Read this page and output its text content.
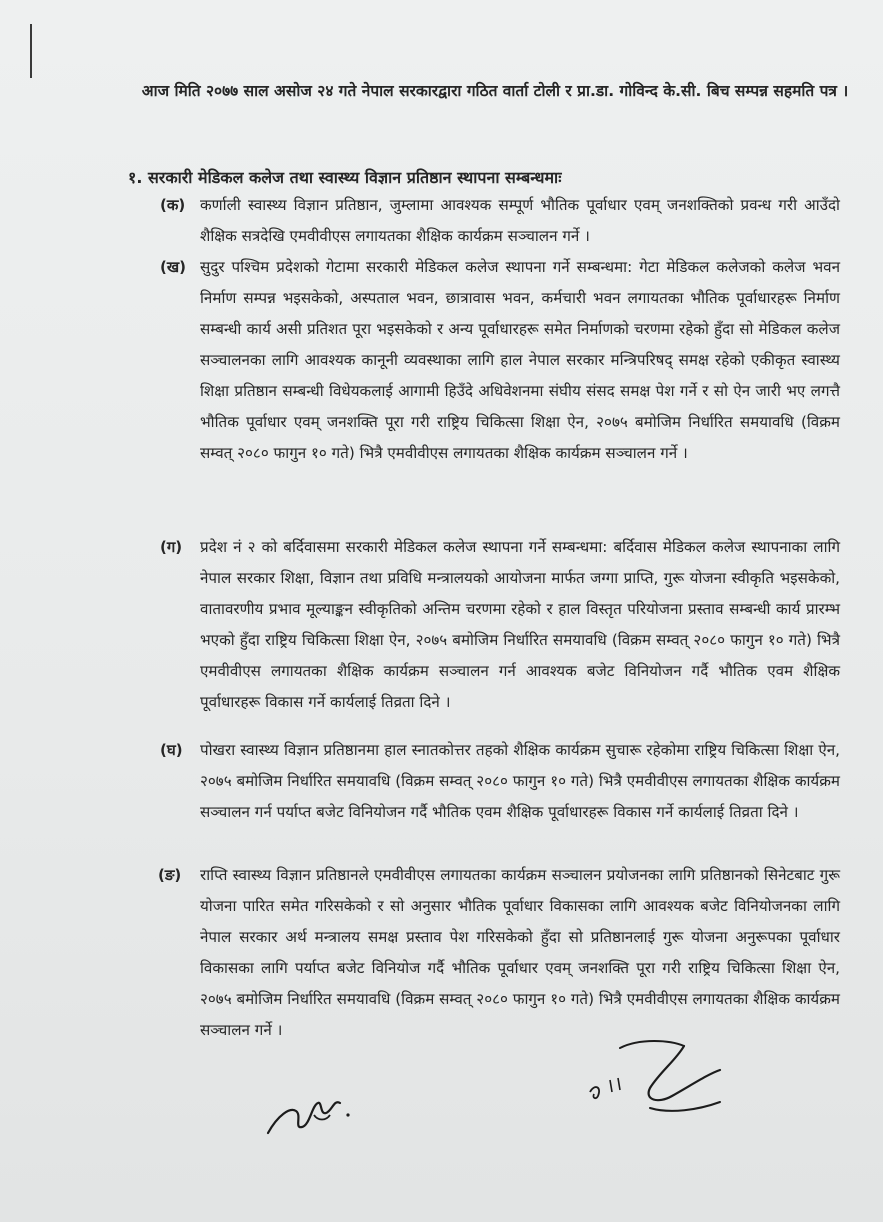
आज मिति २०७७ साल असोज २४ गते नेपाल सरकारद्वारा गठित वार्ता टोली र प्रा.डा. गोविन्द के.सी. बिच सम्पन्न सहमति पत्र ।
१. सरकारी मेडिकल कलेज तथा स्वास्थ्य विज्ञान प्रतिष्ठान स्थापना सम्बन्धमाः
(क) कर्णाली स्वास्थ्य विज्ञान प्रतिष्ठान, जुम्लामा आवश्यक सम्पूर्ण भौतिक पूर्वाधार एवम् जनशक्तिको प्रवन्ध गरी आउँदो शैक्षिक सत्रदेखि एमवीवीएस लगायतका शैक्षिक कार्यक्रम सञ्चालन गर्ने ।

(ख) सुदुर पश्चिम प्रदेशको गेटामा सरकारी मेडिकल कलेज स्थापना गर्ने सम्बन्धमा: गेटा मेडिकल कलेजको कलेज भवन निर्माण सम्पन्न भइसकेको, अस्पताल भवन, छात्रावास भवन, कर्मचारी भवन लगायतका भौतिक पूर्वाधारहरू निर्माण सम्बन्धी कार्य असी प्रतिशत पूरा भइसकेको र अन्य पूर्वाधारहरू समेत निर्माणको चरणमा रहेको हुँदा सो मेडिकल कलेज सञ्चालनका लागि आवश्यक कानूनी व्यवस्थाका लागि हाल नेपाल सरकार मन्त्रिपरिषद् समक्ष रहेको एकीकृत स्वास्थ्य शिक्षा प्रतिष्ठान सम्बन्धी विधेयकलाई आगामी हिउँदे अधिवेशनमा संघीय संसद समक्ष पेश गर्ने र सो ऐन जारी भए लगत्तै भौतिक पूर्वाधार एवम् जनशक्ति पूरा गरी राष्ट्रिय चिकित्सा शिक्षा ऐन, २०७५ बमोजिम निर्धारित समयावधि (विक्रम सम्वत् २०८० फागुन १० गते) भित्रै एमवीवीएस लगायतका शैक्षिक कार्यक्रम सञ्चालन गर्ने ।

(ग) प्रदेश नं २ को बर्दिवासमा सरकारी मेडिकल कलेज स्थापना गर्ने सम्बन्धमा: बर्दिवास मेडिकल कलेज स्थापनाका लागि नेपाल सरकार शिक्षा, विज्ञान तथा प्रविधि मन्त्रालयको आयोजना मार्फत जग्गा प्राप्ति, गुरू योजना स्वीकृति भइसकेको, वातावरणीय प्रभाव मूल्याङ्कन स्वीकृतिको अन्तिम चरणमा रहेको र हाल विस्तृत परियोजना प्रस्ताव सम्बन्धी कार्य प्रारम्भ भएको हुँदा राष्ट्रिय चिकित्सा शिक्षा ऐन, २०७५ बमोजिम निर्धारित समयावधि (विक्रम सम्वत् २०८० फागुन १० गते) भित्रै एमवीवीएस लगायतका शैक्षिक कार्यक्रम सञ्चालन गर्न आवश्यक बजेट विनियोजन गर्दै भौतिक एवम शैक्षिक पूर्वाधारहरू विकास गर्ने कार्यलाई तिव्रता दिने ।

(घ) पोखरा स्वास्थ्य विज्ञान प्रतिष्ठानमा हाल स्नातकोत्तर तहको शैक्षिक कार्यक्रम सुचारू रहेकोमा राष्ट्रिय चिकित्सा शिक्षा ऐन, २०७५ बमोजिम निर्धारित समयावधि (विक्रम सम्वत् २०८० फागुन १० गते) भित्रै एमवीवीएस लगायतका शैक्षिक कार्यक्रम सञ्चालन गर्न पर्याप्त बजेट विनियोजन गर्दै भौतिक एवम शैक्षिक पूर्वाधारहरू विकास गर्ने कार्यलाई तिव्रता दिने ।

(ङ) राप्ति स्वास्थ्य विज्ञान प्रतिष्ठानले एमवीवीएस लगायतका कार्यक्रम सञ्चालन प्रयोजनका लागि प्रतिष्ठानको सिनेटबाट गुरू योजना पारित समेत गरिसकेको र सो अनुसार भौतिक पूर्वाधार विकासका लागि आवश्यक बजेट विनियोजनका लागि नेपाल सरकार अर्थ मन्त्रालय समक्ष प्रस्ताव पेश गरिसकेको हुँदा सो प्रतिष्ठानलाई गुरू योजना अनुरूपका पूर्वाधार विकासका लागि पर्याप्त बजेट विनियोज गर्दै भौतिक पूर्वाधार एवम् जनशक्ति पूरा गरी राष्ट्रिय चिकित्सा शिक्षा ऐन, २०७५ बमोजिम निर्धारित समयावधि (विक्रम सम्वत् २०८० फागुन १० गते) भित्रै एमवीवीएस लगायतका शैक्षिक कार्यक्रम सञ्चालन गर्ने ।
